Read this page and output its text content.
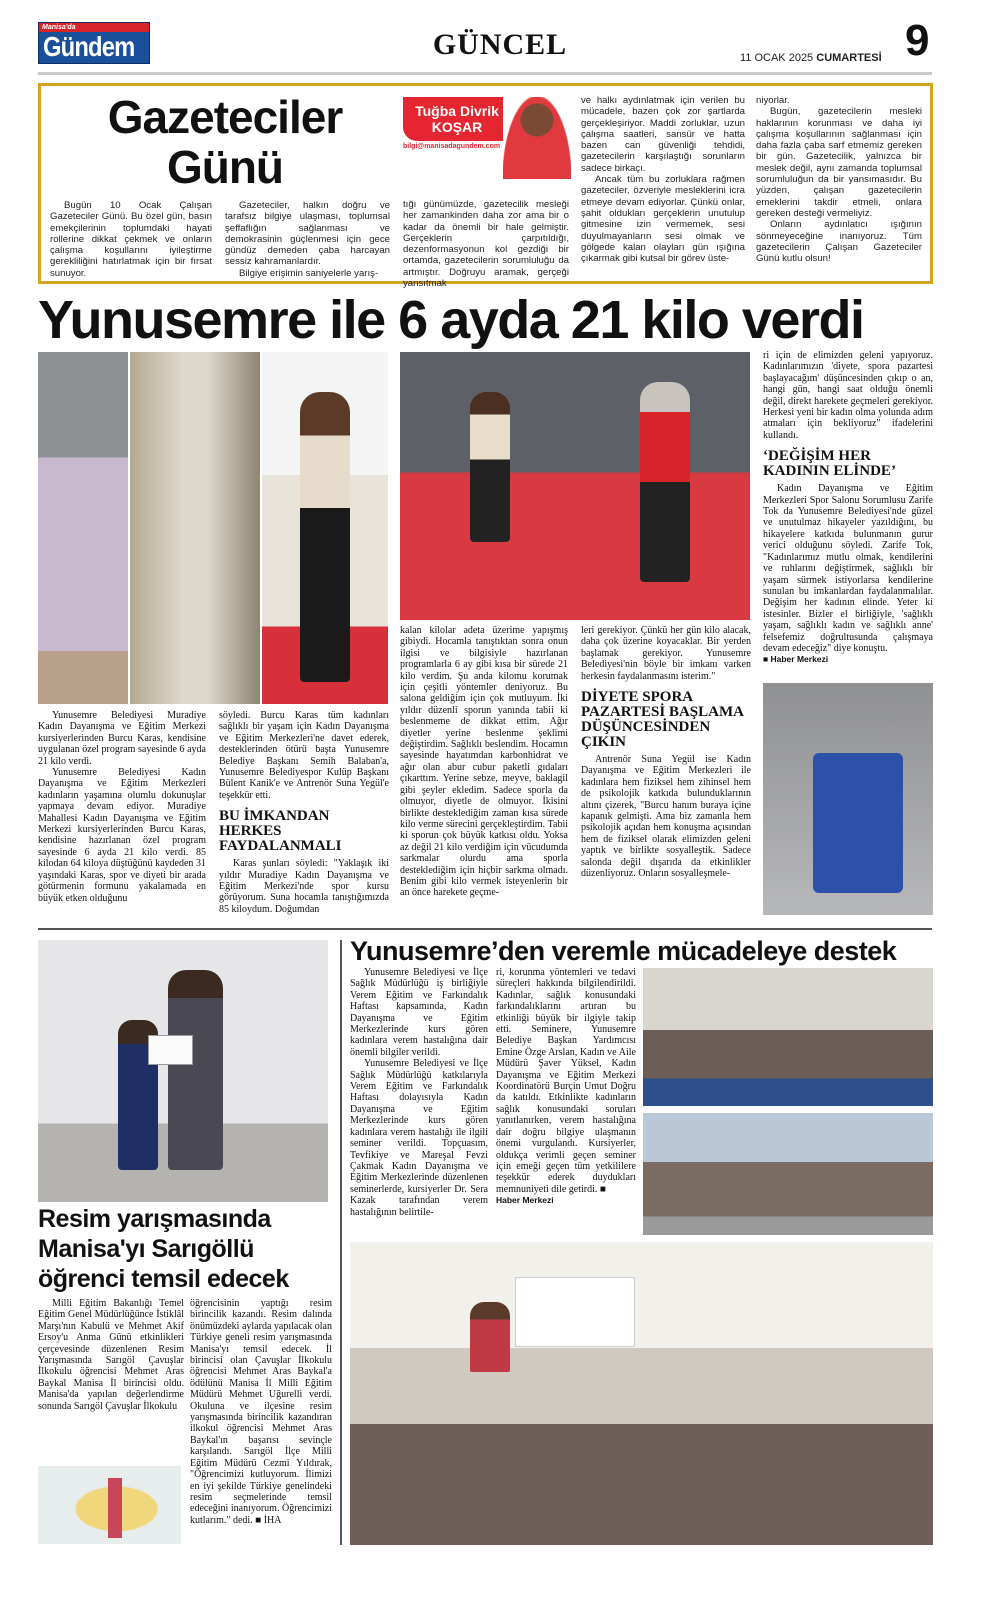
Manisa'da
Gündem	GÜNCEL	11 OCAK 2025 CUMARTESİ 9
Gazeteciler Günü
Tuğba Divrik KOŞAR
bilgi@manisadagundem.com

Bugün 10 Ocak Çalışan Gazeteciler Günü. Bu özel gün, basın emekçilerinin toplumdaki hayati rollerine dikkat çekmek ve onların çalışma koşullarını iyileştirme gerekliliğini hatırlatmak için bir fırsat sunuyor.

Gazeteciler, halkın doğru ve tarafsız bilgiye ulaşması, toplumsal şeffaflığın sağlanması ve demokrasinin güçlenmesi için gece gündüz demeden çaba harcayan sessiz kahramanlardır.

Bilgiye erişimin saniyelerle yarış-

tığı günümüzde, gazetecilik mesleği her zamankinden daha zor ama bir o kadar da önemli bir hale gelmiştir. Gerçeklerin çarpıtıldığı, dezenformasyonun kol gezdiği bir ortamda, gazetecilerin sorumluluğu da artmıştır. Doğruyu aramak, gerçeği yansıtmak

ve halkı aydınlatmak için verilen bu mücadele, bazen çok zor şartlarda gerçekleşiriyor. Maddi zorluklar, uzun çalışma saatleri, sansür ve hatta bazen can güvenliği tehdidi, gazetecilerin karşılaştığı sorunların sadece birkaçı.

Ancak tüm bu zorluklara rağmen gazeteciler, özveriyle mesleklerini icra etmeye devam ediyorlar. Çünkü onlar, şahit oldukları gerçeklerin unutulup gitmesine izin vermemek, sesi duyulmayanların sesi olmak ve gölgede kalan olayları gün ışığına çıkarmak gibi kutsal bir görev üste-

niyorlar.

Bugün, gazetecilerin mesleki haklarının korunması ve daha iyi çalışma koşullarının sağlanması için daha fazla çaba sarf etmemiz gereken bir gün. Gazetecilik, yalnızca bir meslek değil, aynı zamanda toplumsal sorumluluğun da bir yansımasıdır. Bu yüzden, çalışan gazetecilerin emeklerini takdir etmeli, onlara gereken desteği vermeliyiz.

Onların aydınlatıcı ışığının sönmeyeceğine inanıyoruz. Tüm gazetecilerin Çalışan Gazeteciler Günü kutlu olsun!

Yunusemre ile 6 ayda 21 kilo verdi

Yunusemre Belediyesi Muradiye Kadın Dayanışma ve Eğitim Merkezi kursiyerlerinden Burcu Karas, kendisine uygulanan özel program sayesinde 6 ayda 21 kilo verdi.

Yunusemre Belediyesi Kadın Dayanışma ve Eğitim Merkezleri kadınların yaşamına olumlu dokunuşlar yapmaya devam ediyor. Muradiye Mahallesi Kadın Dayanışma ve Eğitim Merkezi kursiyerlerinden Burcu Karas, kendisine hazırlanan özel program sayesinde 6 ayda 21 kilo verdi. 85 kilodan 64 kiloya düştüğünü kaydeden 31 yaşındaki Karas, spor ve diyeti bir arada götürmenin formunu yakalamada en büyük etken olduğunu

söyledi. Burcu Karas tüm kadınları sağlıklı bir yaşam için Kadın Dayanışma ve Eğitim Merkezleri'ne davet ederek, desteklerinden ötürü başta Yunusemre Belediye Başkanı Semih Balaban'a, Yunusemre Belediyespor Kulüp Başkanı Bülent Kanik'e ve Antrenör Suna Yegül'e teşekkür etti.

BU İMKANDAN HERKES FAYDALANMALI

Karas şunları söyledi: "Yaklaşık iki yıldır Muradiye Kadın Dayanışma ve Eğitim Merkezi'nde spor kursu görüyorum. Suna hocamla tanıştığımızda 85 kiloydum. Doğumdan

kalan kilolar adeta üzerime yapışmış gibiydi. Hocamla tanıştıktan sonra onun ilgisi ve bilgisiyle hazırlanan programlarla 6 ay gibi kısa bir sürede 21 kilo verdim. Şu anda kilomu korumak için çeşitli yöntemler deniyoruz. Bu salona geldiğim için çok mutluyum. İki yıldır düzenli sporun yanında tabii ki beslenmeme de dikkat ettim. Ağır diyetler yerine beslenme şeklimi değiştirdim. Sağlıklı beslendim. Hocamın sayesinde hayatımdan karbonhidrat ve ağır olan abur cubur paketli gıdaları çıkarttım. Yerine sebze, meyve, baklagil gibi şeyler ekledim. Sadece sporla da olmuyor, diyetle de olmuyor. İkisini birlikte desteklediğim zaman kısa sürede kilo verme sürecini gerçekleştirdim. Tabii ki sporun çok büyük katkısı oldu. Yoksa az değil 21 kilo verdiğim için vücudumda sarkmalar olurdu ama sporla desteklediğim için hiçbir sarkma olmadı. Benim gibi kilo vermek isteyenlerin bir an önce harekete geçme-

leri gerekiyor. Çünkü her gün kilo alacak, daha çok üzerine koyacaklar. Bir yerden başlamak gerekiyor. Yunusemre Belediyesi'nin böyle bir imkanı varken herkesin faydalanmasını isterim."

DİYETE SPORA PAZARTESİ BAŞLAMA DÜŞÜNCESİNDEN ÇIKIN

Antrenör Suna Yegül ise Kadın Dayanışma ve Eğitim Merkezleri ile kadınlara hem fiziksel hem zihinsel hem de psikolojik katkıda bulunduklarının altını çizerek, "Burcu hanım buraya içine kapanık gelmişti. Ama biz zamanla hem psikolojik açıdan hem konuşma açısından hem de fiziksel olarak elimizden geleni yaptık ve birlikte sosyalleştik. Sadece salonda değil dışarıda da etkinlikler düzenliyoruz. Onların sosyalleşmele-

ri için de elimizden geleni yapıyoruz. Kadınlarımızın 'diyete, spora pazartesi başlayacağım' düşüncesinden çıkıp o an, hangi gün, hangi saat olduğu önemli değil, direkt harekete geçmeleri gerekiyor. Herkesi yeni bir kadın olma yolunda adım atmaları için bekliyoruz" ifadelerini kullandı.

‘DEĞİŞİM HER KADININ ELİNDE’

Kadın Dayanışma ve Eğitim Merkezleri Spor Salonu Sorumlusu Zarife Tok da Yunusemre Belediyesi'nde güzel ve unutulmaz hikayeler yazıldığını, bu hikayelere katkıda bulunmanın gurur verici olduğunu söyledi. Zarife Tok, "Kadınlarımız mutlu olmak, kendilerini ve ruhlarını değiştirmek, sağlıklı bir yaşam sürmek istiyorlarsa kendilerine sunulan bu imkanlardan faydalanmalılar. Değişim her kadının elinde. Yeter ki istesinler. Bizler el birliğiyle, 'sağlıklı yaşam, sağlıklı kadın ve sağlıklı anne' felsefemiz doğrultusunda çalışmaya devam edeceğiz" diye konuştu.

■ Haber Merkezi
Resim yarışmasında Manisa'yı Sarıgöllü öğrenci temsil edecek

Milli Eğitim Bakanlığı Temel Eğitim Genel Müdürlüğünce İstiklâl Marşı'nın Kabulü ve Mehmet Akif Ersoy'u Anma Günü etkinlikleri çerçevesinde düzenlenen Resim Yarışmasında Sarıgöl Çavuşlar İlkokulu öğrencisi Mehmet Aras Baykal Manisa İl birincisi oldu. Manisa'da yapılan değerlendirme sonunda Sarıgöl Çavuşlar İlkokulu

öğrencisinin yaptığı resim birincilik kazandı. Resim dalında önümüzdeki aylarda yapılacak olan Türkiye geneli resim yarışmasında Manisa'yı temsil edecek. İl birincisi olan Çavuşlar İlkokulu öğrencisi Mehmet Aras Baykal'a ödülünü Manisa İl Milli Eğitim Müdürü Mehmet Uğurelli verdi. Okuluna ve ilçesine resim yarışmasında birincilik kazandıran ilkokul öğrencisi Mehmet Aras Baykal'ın başarısı sevinçle karşılandı. Sarıgöl İlçe Milli Eğitim Müdürü Cezmi Yıldırak, "Öğrencimizi kutluyorum. İlimizi en iyi şekilde Türkiye genelindeki resim seçmelerinde temsil edeceğini inanıyorum. Öğrencimizi kutlarım." dedi. ■ İHA

Yunusemre’den veremle mücadeleye destek

Yunusemre Belediyesi ve İlçe Sağlık Müdürlüğü iş birliğiyle Verem Eğitim ve Farkındalık Haftası kapsamında, Kadın Dayanışma ve Eğitim Merkezlerinde kurs gören kadınlara verem hastalığına dair önemli bilgiler verildi.

Yunusemre Belediyesi ve İlçe Sağlık Müdürlüğü katkılarıyla Verem Eğitim ve Farkındalık Haftası dolayısıyla Kadın Dayanışma ve Eğitim Merkezlerinde kurs gören kadınlara verem hastalığı ile ilgili seminer verildi. Topçuasım, Tevfikiye ve Mareşal Fevzi Çakmak Kadın Dayanışma ve Eğitim Merkezlerinde düzenlenen seminerlerde, kursiyerler Dr. Sera Kazak tarafından verem hastalığının belirtile-

ri, korunma yöntemleri ve tedavi süreçleri hakkında bilgilendirildi. Kadınlar, sağlık konusundaki farkındalıklarını artıran bu etkinliği büyük bir ilgiyle takip etti. Seminere, Yunusemre Belediye Başkan Yardımcısı Emine Özge Arslan, Kadın ve Aile Müdürü Şaver Yüksel, Kadın Dayanışma ve Eğitim Merkezi Koordinatörü Burçin Umut Doğru da katıldı. Etkinlikte kadınların sağlık konusundaki soruları yanıtlanırken, verem hastalığına dair doğru bilgiye ulaşmanın önemi vurgulandı. Kursiyerler, oldukça verimli geçen seminer için emeği geçen tüm yetkililere teşekkür ederek duydukları memnuniyeti dile getirdi. ■

Haber Merkezi
